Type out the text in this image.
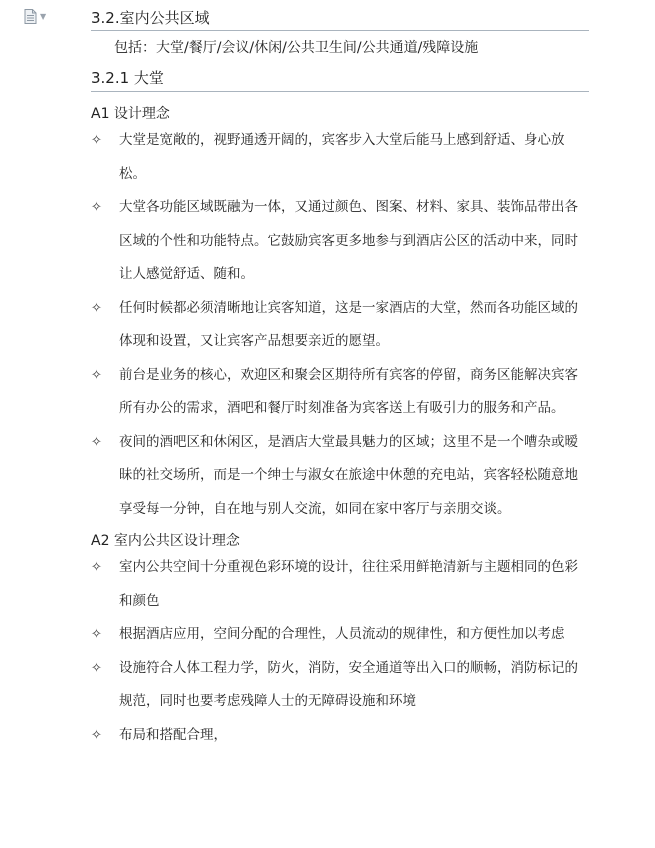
▼	3.2.室内公共区域
包括：大堂/餐厅/会议/休闲/公共卫生间/公共通道/残障设施
3.2.1 大堂
A1 设计理念
✧ 大堂是宽敞的，视野通透开阔的，宾客步入大堂后能马上感到舒适、身心放松。
✧ 大堂各功能区域既融为一体，又通过颜色、图案、材料、家具、装饰品带出各区域的个性和功能特点。它鼓励宾客更多地参与到酒店公区的活动中来，同时让人感觉舒适、随和。
✧ 任何时候都必须清晰地让宾客知道，这是一家酒店的大堂，然而各功能区域的体现和设置，又让宾客产品想要亲近的愿望。
✧ 前台是业务的核心，欢迎区和聚会区期待所有宾客的停留，商务区能解决宾客所有办公的需求，酒吧和餐厅时刻准备为宾客送上有吸引力的服务和产品。
✧ 夜间的酒吧区和休闲区，是酒店大堂最具魅力的区域；这里不是一个嘈杂或暧昧的社交场所，而是一个绅士与淑女在旅途中休憩的充电站，宾客轻松随意地享受每一分钟，自在地与别人交流，如同在家中客厅与亲朋交谈。
A2 室内公共区设计理念
✧ 室内公共空间十分重视色彩环境的设计，往往采用鲜艳清新与主题相同的色彩和颜色
✧ 根据酒店应用，空间分配的合理性，人员流动的规律性，和方便性加以考虑
✧ 设施符合人体工程力学，防火，消防，安全通道等出入口的顺畅，消防标记的规范，同时也要考虑残障人士的无障碍设施和环境
✧ 布局和搭配合理，
